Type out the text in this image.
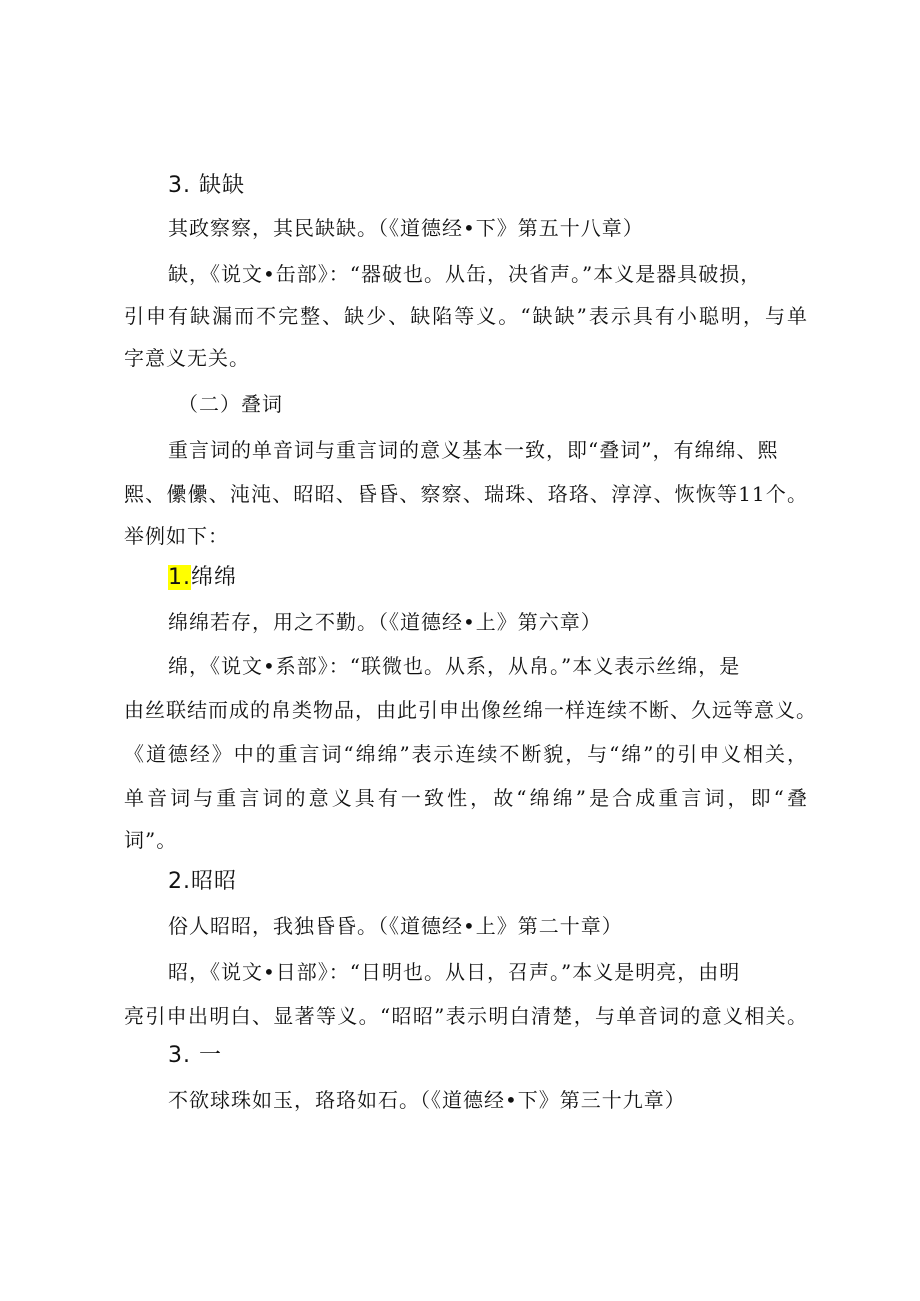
3. 缺缺
其政察察，其民缺缺。（《道德经•下》第五十八章）
缺，《说文•缶部》：“器破也。从缶，决省声。”本义是器具破损，
引申有缺漏而不完整、缺少、缺陷等义。“缺缺”表示具有小聪明，与单
字意义无关。
（二）叠词
重言词的单音词与重言词的意义基本一致，即“叠词”，有绵绵、熙
熙、儽儽、沌沌、昭昭、昏昏、察察、瑞珠、珞珞、淳淳、恢恢等11个。
举例如下：
1.绵绵
绵绵若存，用之不勤。（《道德经•上》第六章）
绵，《说文•系部》：“联微也。从系，从帛。”本义表示丝绵，是
由丝联结而成的帛类物品，由此引申出像丝绵一样连续不断、久远等意义。
《道德经》中的重言词“绵绵”表示连续不断貌，与“绵”的引申义相关，
单音词与重言词的意义具有一致性，故“绵绵”是合成重言词，即“叠
词”。
2.昭昭
俗人昭昭，我独昏昏。（《道德经•上》第二十章）
昭，《说文•日部》：“日明也。从日，召声。”本义是明亮，由明
亮引申出明白、显著等义。“昭昭”表示明白清楚，与单音词的意义相关。
3. 一
不欲球珠如玉，珞珞如石。（《道德经•下》第三十九章）
